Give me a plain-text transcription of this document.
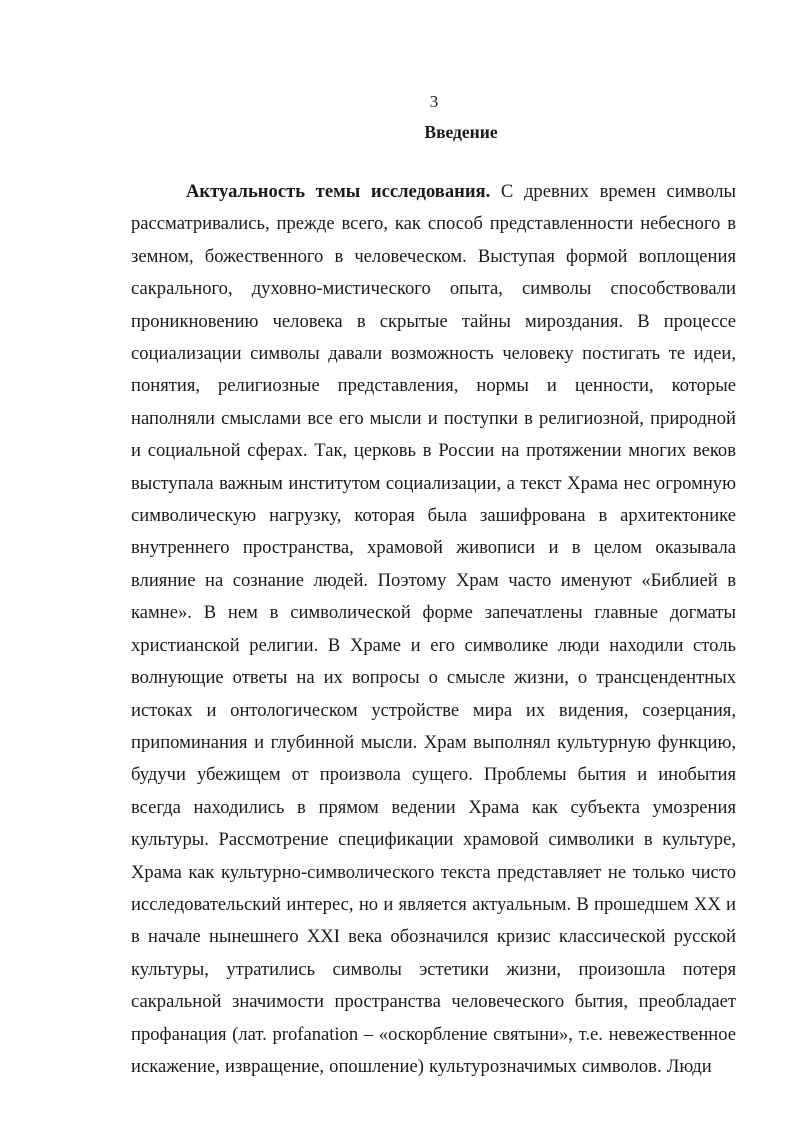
3
Введение

Актуальность темы исследования. С древних времен символы рассматривались, прежде всего, как способ представленности небесного в земном, божественного в человеческом. Выступая формой воплощения сакрального, духовно-мистического опыта, символы способствовали проникновению человека в скрытые тайны мироздания. В процессе социализации символы давали возможность человеку постигать те идеи, понятия, религиозные представления, нормы и ценности, которые наполняли смыслами все его мысли и поступки в религиозной, природной и социальной сферах. Так, церковь в России на протяжении многих веков выступала важным институтом социализации, а текст Храма нес огромную символическую нагрузку, которая была зашифрована в архитектонике внутреннего пространства, храмовой живописи и в целом оказывала влияние на сознание людей. Поэтому Храм часто именуют «Библией в камне». В нем в символической форме запечатлены главные догматы христианской религии. В Храме и его символике люди находили столь волнующие ответы на их вопросы о смысле жизни, о трансцендентных истоках и онтологическом устройстве мира их видения, созерцания, припоминания и глубинной мысли. Храм выполнял культурную функцию, будучи убежищем от произвола сущего. Проблемы бытия и инобытия всегда находились в прямом ведении Храма как субъекта умозрения культуры. Рассмотрение спецификации храмовой символики в культуре, Храма как культурно-символического текста представляет не только чисто исследовательский интерес, но и является актуальным. В прошедшем XX и в начале нынешнего XXI века обозначился кризис классической русской культуры, утратились символы эстетики жизни, произошла потеря сакральной значимости пространства человеческого бытия, преобладает профанация (лат. profanation – «оскорбление святыни», т.е. невежественное искажение, извращение, опошление) культурозначимых символов. Люди
